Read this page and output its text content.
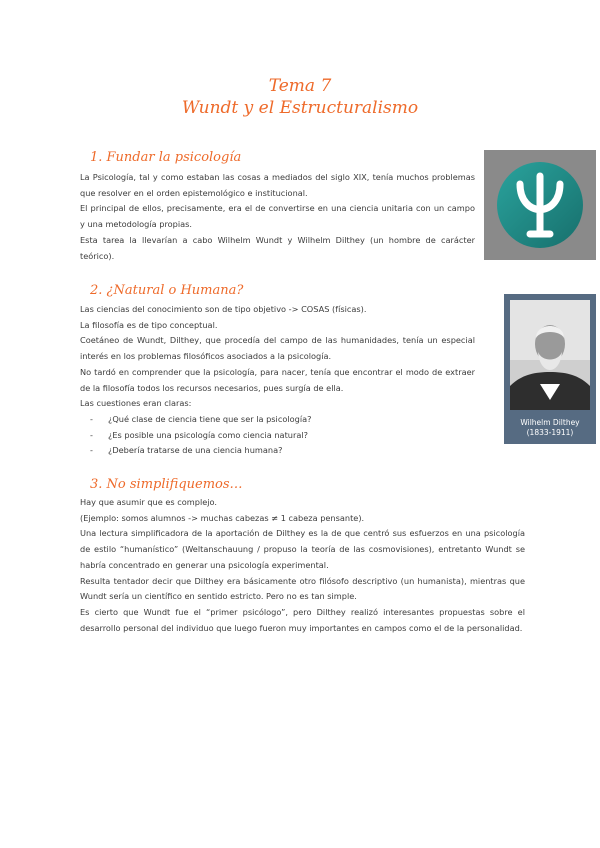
Tema 7
Wundt y el Estructuralismo
1. Fundar la psicología

La Psicología, tal y como estaban las cosas a mediados del siglo XIX, tenía muchos problemas que resolver en el orden epistemológico e institucional.

El principal de ellos, precisamente, era el de convertirse en una ciencia unitaria con un campo y una metodología propias.

Esta tarea la llevarían a cabo Wilhelm Wundt y Wilhelm Dilthey (un hombre de carácter teórico).

2. ¿Natural o Humana?

Las ciencias del conocimiento son de tipo objetivo -> COSAS (físicas).

La filosofía es de tipo conceptual.

Coetáneo de Wundt, Dilthey, que procedía del campo de las humanidades, tenía un especial interés en los problemas filosóficos asociados a la psicología.

No tardó en comprender que la psicología, para nacer, tenía que encontrar el modo de extraer de la filosofía todos los recursos necesarios, pues surgía de ella.

Las cuestiones eran claras:

- ¿Qué clase de ciencia tiene que ser la psicología?
- ¿Es posible una psicología como ciencia natural?
- ¿Debería tratarse de una ciencia humana?
Wilhelm Dilthey
(1833-1911)
3. No simplifiquemos…

Hay que asumir que es complejo.

(Ejemplo: somos alumnos -> muchas cabezas ≠ 1 cabeza pensante).

Una lectura simplificadora de la aportación de Dilthey es la de que centró sus esfuerzos en una psicología de estilo “humanístico” (Weltanschauung / propuso la teoría de las cosmovisiones), entretanto Wundt se habría concentrado en generar una psicología experimental.

Resulta tentador decir que Dilthey era básicamente otro filósofo descriptivo (un humanista), mientras que Wundt sería un científico en sentido estricto. Pero no es tan simple.

Es cierto que Wundt fue el “primer psicólogo”, pero Dilthey realizó interesantes propuestas sobre el desarrollo personal del individuo que luego fueron muy importantes en campos como el de la personalidad.
